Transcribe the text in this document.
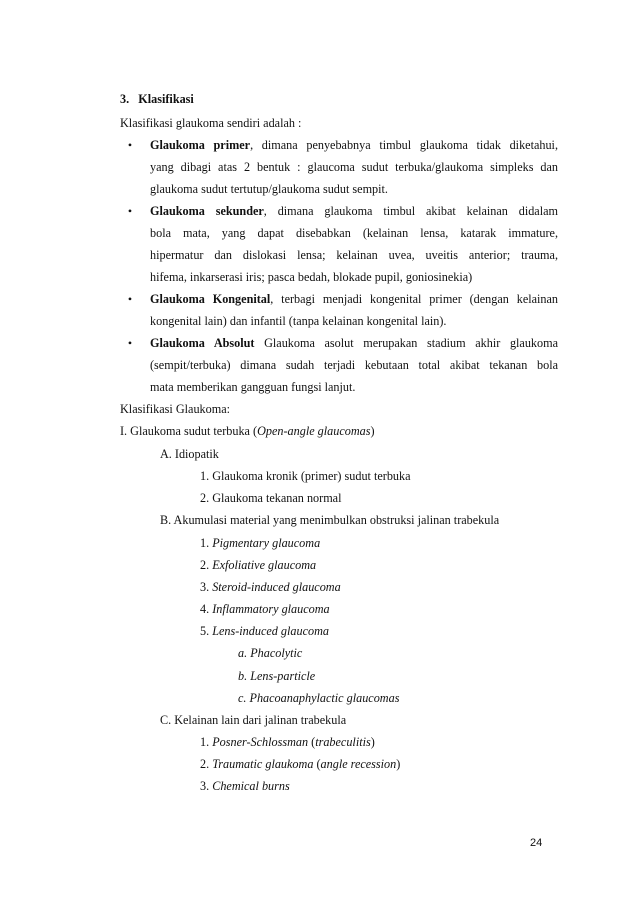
3. Klasifikasi
Klasifikasi glaukoma sendiri adalah :
• Glaukoma primer, dimana penyebabnya timbul glaukoma tidak diketahui,
yang dibagi atas 2 bentuk : glaucoma sudut terbuka/glaukoma simpleks dan
glaukoma sudut tertutup/glaukoma sudut sempit.
• Glaukoma sekunder, dimana glaukoma timbul akibat kelainan didalam
bola mata, yang dapat disebabkan (kelainan lensa, katarak immature,
hipermatur dan dislokasi lensa; kelainan uvea, uveitis anterior; trauma,
hifema, inkarserasi iris; pasca bedah, blokade pupil, goniosinekia)
• Glaukoma Kongenital, terbagi menjadi kongenital primer (dengan kelainan
kongenital lain) dan infantil (tanpa kelainan kongenital lain).
• Glaukoma Absolut Glaukoma asolut merupakan stadium akhir glaukoma
(sempit/terbuka) dimana sudah terjadi kebutaan total akibat tekanan bola
mata memberikan gangguan fungsi lanjut.
Klasifikasi Glaukoma:
I. Glaukoma sudut terbuka (Open-angle glaucomas)
A. Idiopatik
1. Glaukoma kronik (primer) sudut terbuka
2. Glaukoma tekanan normal
B. Akumulasi material yang menimbulkan obstruksi jalinan trabekula
1. Pigmentary glaucoma
2. Exfoliative glaucoma
3. Steroid-induced glaucoma
4. Inflammatory glaucoma
5. Lens-induced glaucoma
a. Phacolytic
b. Lens-particle
c. Phacoanaphylactic glaucomas
C. Kelainan lain dari jalinan trabekula
1. Posner-Schlossman (trabeculitis)
2. Traumatic glaukoma (angle recession)
3. Chemical burns
24
